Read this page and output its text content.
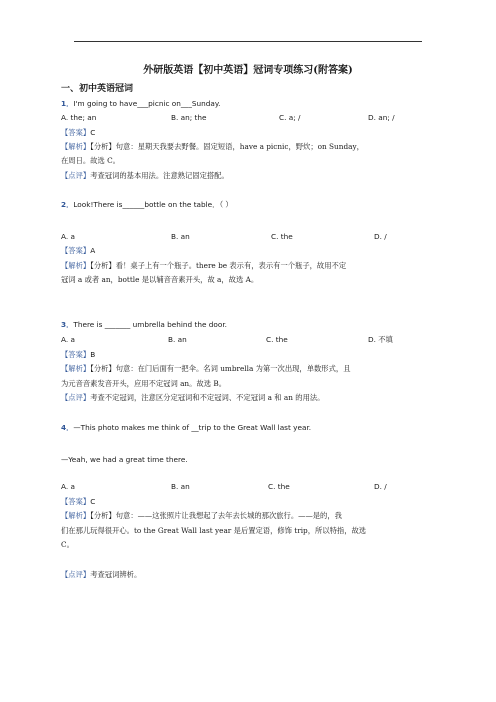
外研版英语【初中英语】冠词专项练习(附答案)
一、初中英语冠词
1．I'm going to have___picnic on___Sunday.
A. the; an	B. an; the	C. a; /	D. an; /
【答案】C
【解析】【分析】句意：星期天我要去野餐。固定短语，have a picnic，野炊；on Sunday，
在周日。故选 C。
【点评】考查冠词的基本用法。注意熟记固定搭配。
2．Look!There is______bottle on the table．（ ）
A. a	B. an	C. the	D. /
【答案】A
【解析】【分析】看！桌子上有一个瓶子。there be 表示有，表示有一个瓶子，故用不定
冠词 a 或者 an，bottle 是以辅音音素开头，故 a，故选 A。
3．There is _______ umbrella behind the door.
A. a	B. an	C. the	D. 不填
【答案】B
【解析】【分析】句意：在门后面有一把伞。名词 umbrella 为第一次出现，单数形式，且
为元音音素发音开头，应用不定冠词 an。故选 B。
【点评】考查不定冠词，注意区分定冠词和不定冠词、不定冠词 a 和 an 的用法。
4．—This photo makes me think of __trip to the Great Wall last year.
—Yeah, we had a great time there.
A. a	B. an	C. the	D. /
【答案】C
【解析】【分析】句意：——这张照片让我想起了去年去长城的那次旅行。——是的，我
们在那儿玩得很开心。to the Great Wall last year 是后置定语，修饰 trip，所以特指，故选
C。
【点评】考查冠词辨析。
